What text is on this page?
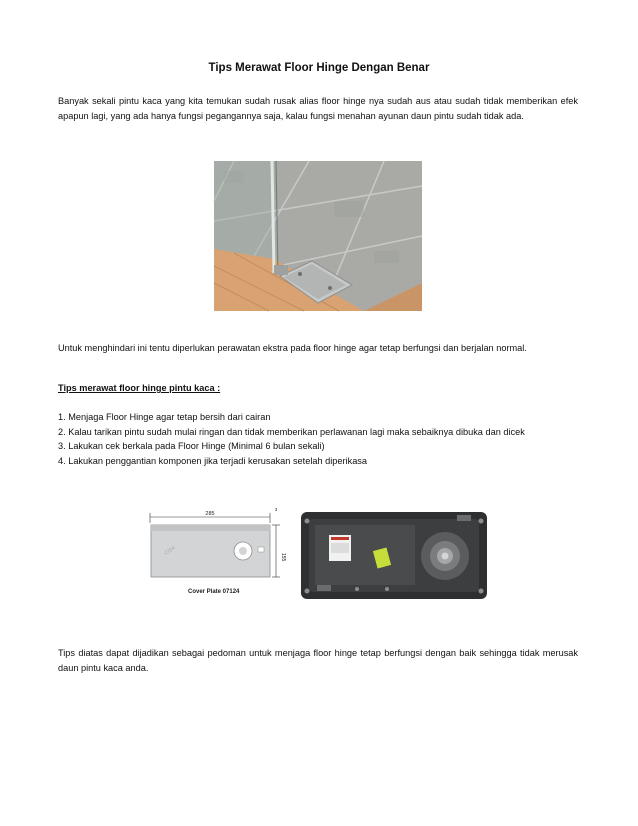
Tips Merawat Floor Hinge Dengan Benar

Banyak sekali pintu kaca yang kita temukan sudah rusak alias floor hinge nya sudah aus atau sudah tidak memberikan efek apapun lagi, yang ada hanya fungsi pegangannya saja, kalau fungsi menahan ayunan daun pintu sudah tidak ada.

Untuk menghindari ini tentu diperlukan perawatan ekstra pada floor hinge agar tetap berfungsi dan berjalan normal.

Tips merawat floor hinge pintu kaca :
1. Menjaga Floor Hinge agar tetap bersih dari cairan
2. Kalau tarikan pintu sudah mulai ringan dan tidak memberikan perlawanan lagi maka sebaiknya dibuka dan dicek
3. Lakukan cek berkala pada Floor Hinge (Minimal 6 bulan sekali)
4. Lakukan penggantian komponen jika terjadi kerusakan setelah diperikasa
285
3
CISA
155
Cover Plate 07124

Tips diatas dapat dijadikan sebagai pedoman untuk menjaga floor hinge tetap berfungsi dengan baik sehingga tidak merusak daun pintu kaca anda.
